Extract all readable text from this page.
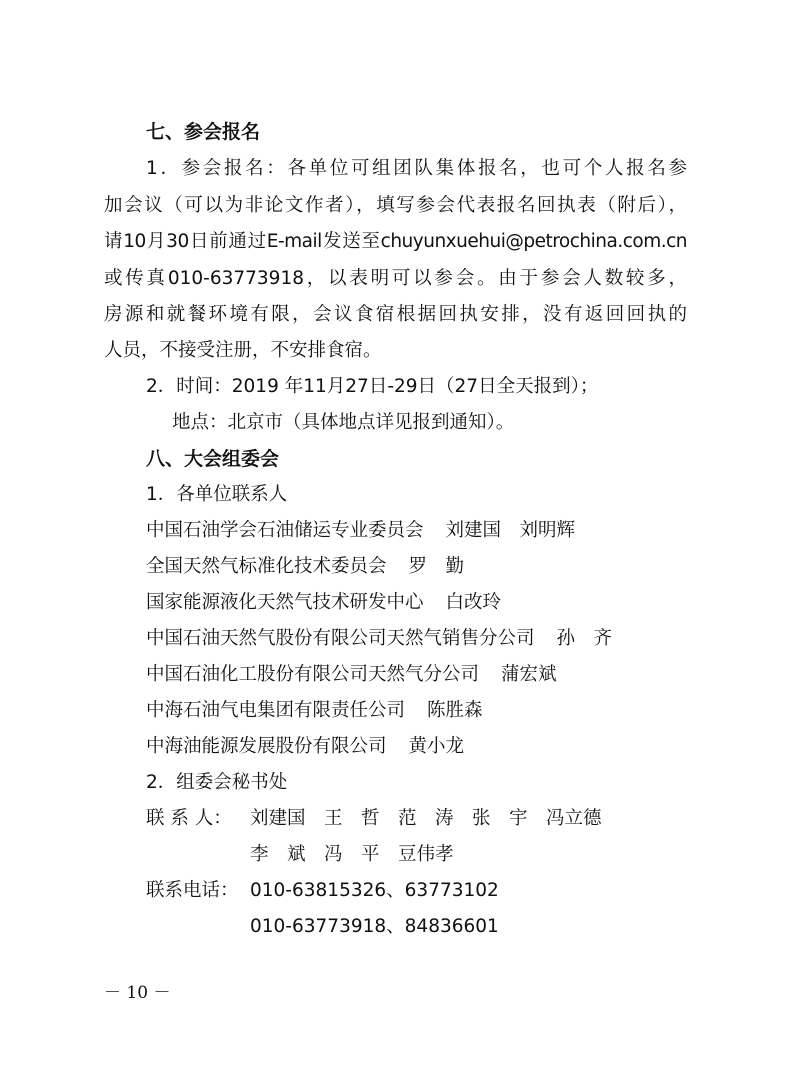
七、参会报名
1．参会报名：各单位可组团队集体报名，也可个人报名参
加会议（可以为非论文作者），填写参会代表报名回执表（附后），
请10月30日前通过E-mail发送至chuyunxuehui@petrochina.com.cn
或传真010-63773918，以表明可以参会。由于参会人数较多，
房源和就餐环境有限，会议食宿根据回执安排，没有返回回执的
人员，不接受注册，不安排食宿。
2．时间：2019 年11月27日-29日（27日全天报到）；
地点：北京市（具体地点详见报到通知）。
八、大会组委会
1．各单位联系人
中国石油学会石油储运专业委员会 刘建国　刘明辉
全国天然气标准化技术委员会 罗　勤
国家能源液化天然气技术研发中心 白改玲
中国石油天然气股份有限公司天然气销售分公司 孙　齐
中国石油化工股份有限公司天然气分公司 蒲宏斌
中海石油气电集团有限责任公司 陈胜森
中海油能源发展股份有限公司 黄小龙
2．组委会秘书处
联 系 人： 刘建国　王　哲　范　涛　张　宇　冯立德
李　斌　冯　平　豆伟孝
联系电话： 010-63815326、63773102
010-63773918、84836601
－ 10 －
